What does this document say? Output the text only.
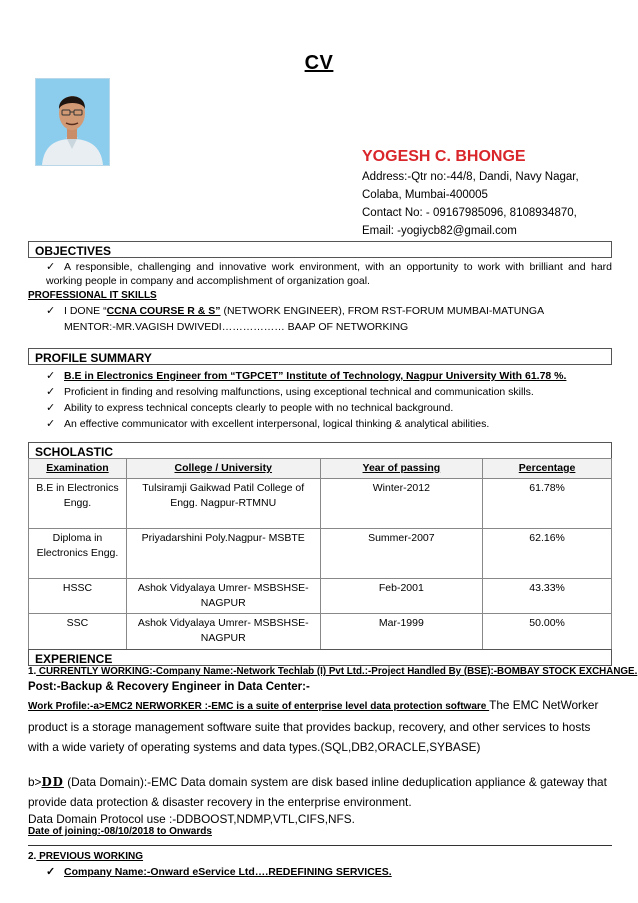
CV
YOGESH C. BHONGE
Address:-Qtr no:-44/8, Dandi, Navy Nagar,
Colaba, Mumbai-400005
Contact No: - 09167985096, 8108934870,
Email: -yogiycb82@gmail.com
OBJECTIVES
✓ A responsible, challenging and innovative work environment, with an opportunity to work with brilliant and hard working people in company and accomplishment of organization goal.
PROFESSIONAL IT SKILLS
✓ I DONE “CCNA COURSE R & S” (NETWORK ENGINEER), FROM RST-FORUM MUMBAI-MATUNGA
MENTOR:-MR.VAGISH DWIVEDI……………… BAAP OF NETWORKING
PROFILE SUMMARY
✓ B.E in Electronics Engineer from “TGPCET” Institute of Technology, Nagpur University With 61.78 %.
✓ Proficient in finding and resolving malfunctions, using exceptional technical and communication skills.
✓ Ability to express technical concepts clearly to people with no technical background.
✓ An effective communicator with excellent interpersonal, logical thinking & analytical abilities.
SCHOLASTIC
Examination	College / University	Year of passing	Percentage
B.E in Electronics Engg.	Tulsiramji Gaikwad Patil College of Engg. Nagpur-RTMNU	Winter-2012	61.78%
Diploma in Electronics Engg.	Priyadarshini Poly.Nagpur- MSBTE	Summer-2007	62.16%
HSSC	Ashok Vidyalaya Umrer- MSBSHSE-NAGPUR	Feb-2001	43.33%
SSC	Ashok Vidyalaya Umrer- MSBSHSE-NAGPUR	Mar-1999	50.00%
EXPERIENCE
1. CURRENTLY WORKING:-Company Name:-Network Techlab (I) Pvt Ltd.:-Project Handled By (BSE):-BOMBAY STOCK EXCHANGE.
Post:-Backup & Recovery Engineer in Data Center:-
Work Profile:-a>EMC2 NERWORKER :-EMC is a suite of enterprise level data protection software The EMC NetWorker product is a storage management software suite that provides backup, recovery, and other services to hosts with a wide variety of operating systems and data types.(SQL,DB2,ORACLE,SYBASE)
b>DD (Data Domain):-EMC Data domain system are disk based inline deduplication appliance & gateway that provide data protection & disaster recovery in the enterprise environment.
Data Domain Protocol use :-DDBOOST,NDMP,VTL,CIFS,NFS.
Date of joining:-08/10/2018 to Onwards
2. PREVIOUS WORKING
✓ Company Name:-Onward eService Ltd….REDEFINING SERVICES.
